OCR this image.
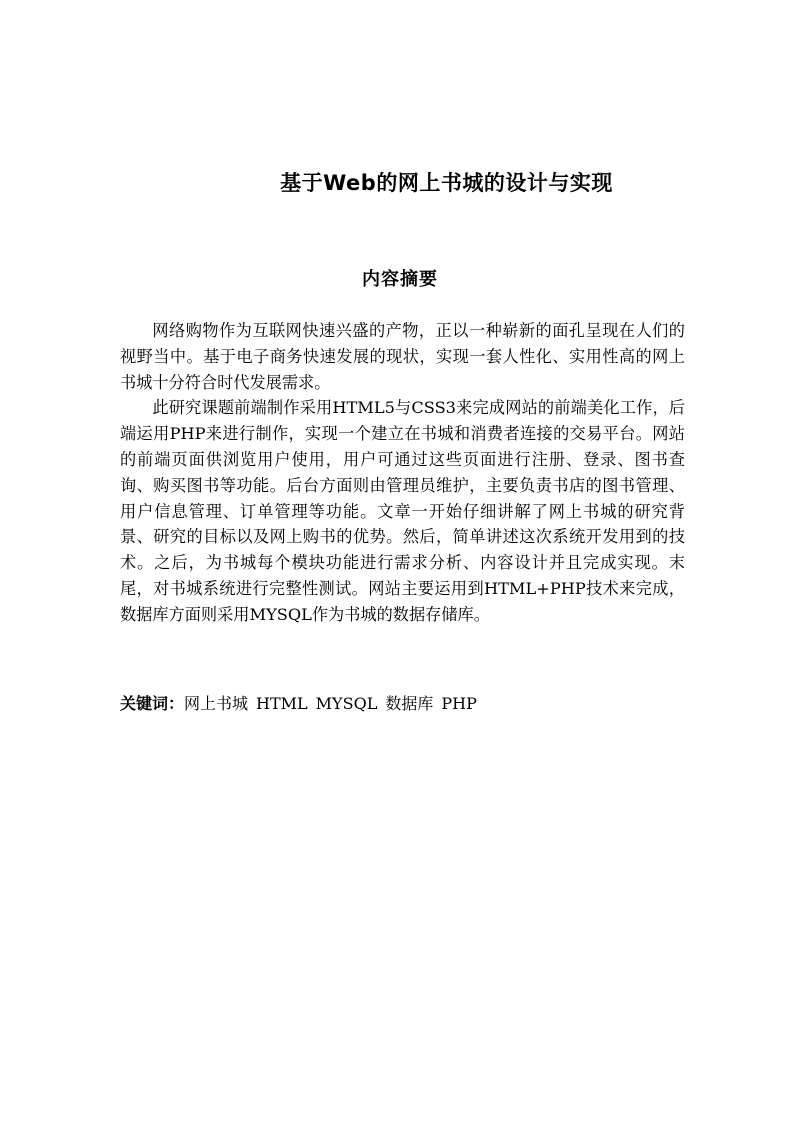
基于Web的网上书城的设计与实现
内容摘要

网络购物作为互联网快速兴盛的产物，正以一种崭新的面孔呈现在人们的视野当中。基于电子商务快速发展的现状，实现一套人性化、实用性高的网上书城十分符合时代发展需求。

此研究课题前端制作采用HTML5与CSS3来完成网站的前端美化工作，后端运用PHP来进行制作，实现一个建立在书城和消费者连接的交易平台。网站的前端页面供浏览用户使用，用户可通过这些页面进行注册、登录、图书查询、购买图书等功能。后台方面则由管理员维护，主要负责书店的图书管理、用户信息管理、订单管理等功能。文章一开始仔细讲解了网上书城的研究背景、研究的目标以及网上购书的优势。然后，简单讲述这次系统开发用到的技术。之后，为书城每个模块功能进行需求分析、内容设计并且完成实现。末尾，对书城系统进行完整性测试。网站主要运用到HTML+PHP技术来完成，数据库方面则采用MYSQL作为书城的数据存储库。

关键词：网上书城 HTML MYSQL 数据库 PHP
